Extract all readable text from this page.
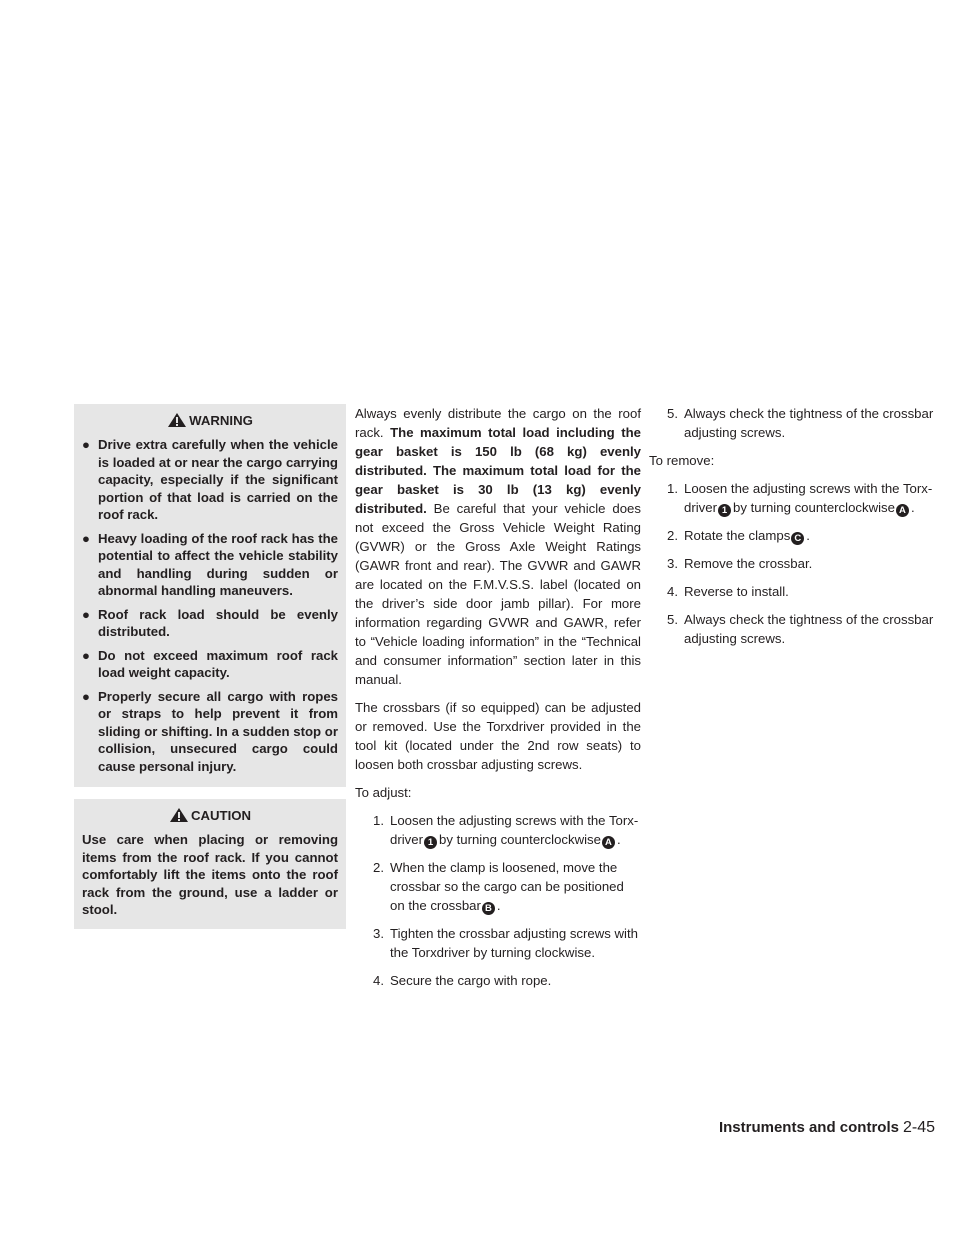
WARNING
● Drive extra carefully when the vehicle is loaded at or near the cargo carrying capacity, especially if the significant portion of that load is carried on the roof rack.
● Heavy loading of the roof rack has the potential to affect the vehicle stability and handling during sudden or abnormal handling maneuvers.
● Roof rack load should be evenly distributed.
● Do not exceed maximum roof rack load weight capacity.
● Properly secure all cargo with ropes or straps to help prevent it from sliding or shifting. In a sudden stop or collision, unsecured cargo could cause personal injury.
CAUTION
Use care when placing or removing items from the roof rack. If you cannot comfortably lift the items onto the roof rack from the ground, use a ladder or stool.

Always evenly distribute the cargo on the roof rack. The maximum total load including the gear basket is 150 lb (68 kg) evenly distributed. The maximum total load for the gear basket is 30 lb (13 kg) evenly distributed. Be careful that your vehicle does not exceed the Gross Vehicle Weight Rating (GVWR) or the Gross Axle Weight Ratings (GAWR front and rear). The GVWR and GAWR are located on the F.M.V.S.S. label (located on the driver’s side door jamb pillar). For more information regarding GVWR and GAWR, refer to “Vehicle loading information” in the “Technical and consumer information” section later in this manual.

The crossbars (if so equipped) can be adjusted or removed. Use the Torxdriver provided in the tool kit (located under the 2nd row seats) to loosen both crossbar adjusting screws.

To adjust:

1. Loosen the adjusting screws with the Torx-driver 1 by turning counterclockwise A .
2. When the clamp is loosened, move the crossbar so the cargo can be positioned on the crossbar B .
3. Tighten the crossbar adjusting screws with the Torxdriver by turning clockwise.
4. Secure the cargo with rope.
5. Always check the tightness of the crossbar adjusting screws.

To remove:

1. Loosen the adjusting screws with the Torx-driver 1 by turning counterclockwise A .
2. Rotate the clamps C .
3. Remove the crossbar.
4. Reverse to install.
5. Always check the tightness of the crossbar adjusting screws.
Instruments and controls 2-45
